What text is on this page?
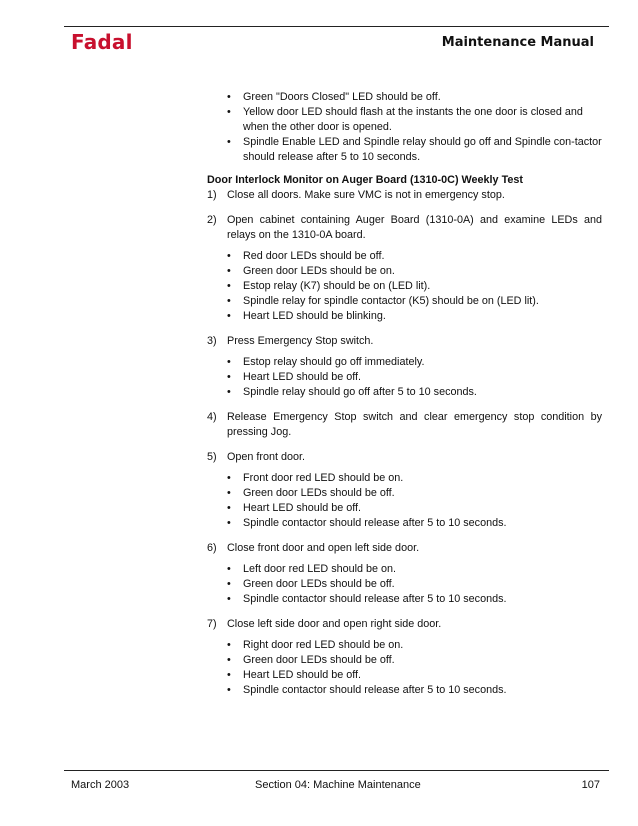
Fadal	Maintenance Manual
• Green "Doors Closed" LED should be off.
• Yellow door LED should flash at the instants the one door is closed and when the other door is opened.
• Spindle Enable LED and Spindle relay should go off and Spindle con-tactor should release after 5 to 10 seconds.
Door Interlock Monitor on Auger Board (1310-0C) Weekly Test
1) Close all doors. Make sure VMC is not in emergency stop.
2) Open cabinet containing Auger Board (1310-0A) and examine LEDs and relays on the 1310-0A board.
• Red door LEDs should be off.
• Green door LEDs should be on.
• Estop relay (K7) should be on (LED lit).
• Spindle relay for spindle contactor (K5) should be on (LED lit).
• Heart LED should be blinking.
3) Press Emergency Stop switch.
• Estop relay should go off immediately.
• Heart LED should be off.
• Spindle relay should go off after 5 to 10 seconds.
4) Release Emergency Stop switch and clear emergency stop condition by pressing Jog.
5) Open front door.
• Front door red LED should be on.
• Green door LEDs should be off.
• Heart LED should be off.
• Spindle contactor should release after 5 to 10 seconds.
6) Close front door and open left side door.
• Left door red LED should be on.
• Green door LEDs should be off.
• Spindle contactor should release after 5 to 10 seconds.
7) Close left side door and open right side door.
• Right door red LED should be on.
• Green door LEDs should be off.
• Heart LED should be off.
• Spindle contactor should release after 5 to 10 seconds.
March 2003	Section 04: Machine Maintenance	107
